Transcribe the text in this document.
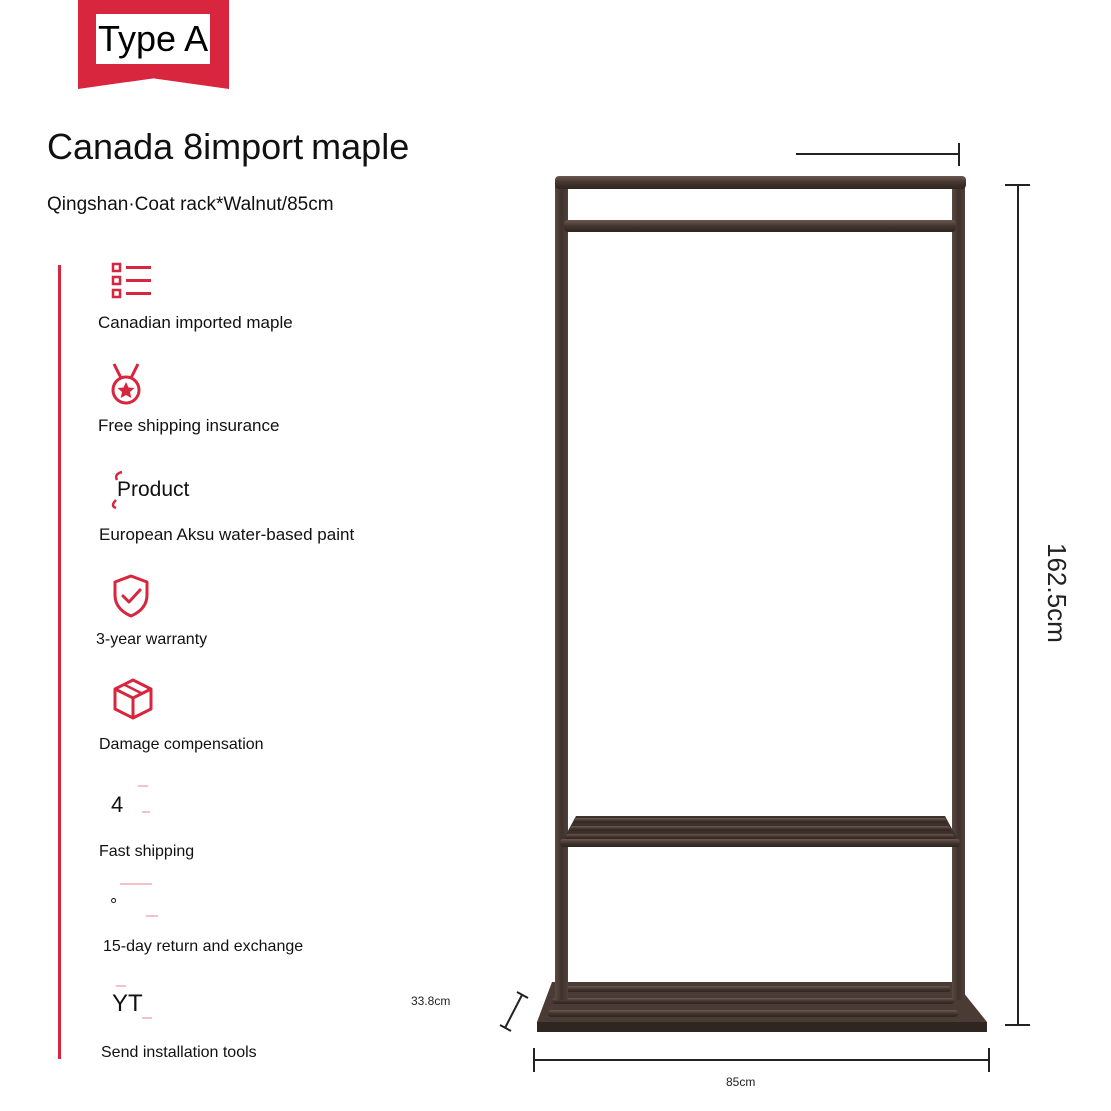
Type A
Canada 8import maple
Qingshan·Coat rack*Walnut/85cm
Canadian imported maple
Free shipping insurance
Product
European Aksu water-based paint
3-year warranty
Damage compensation
4
Fast shipping
°
15-day return and exchange
YT
Send installation tools
162.5cm
85cm
33.8cm
